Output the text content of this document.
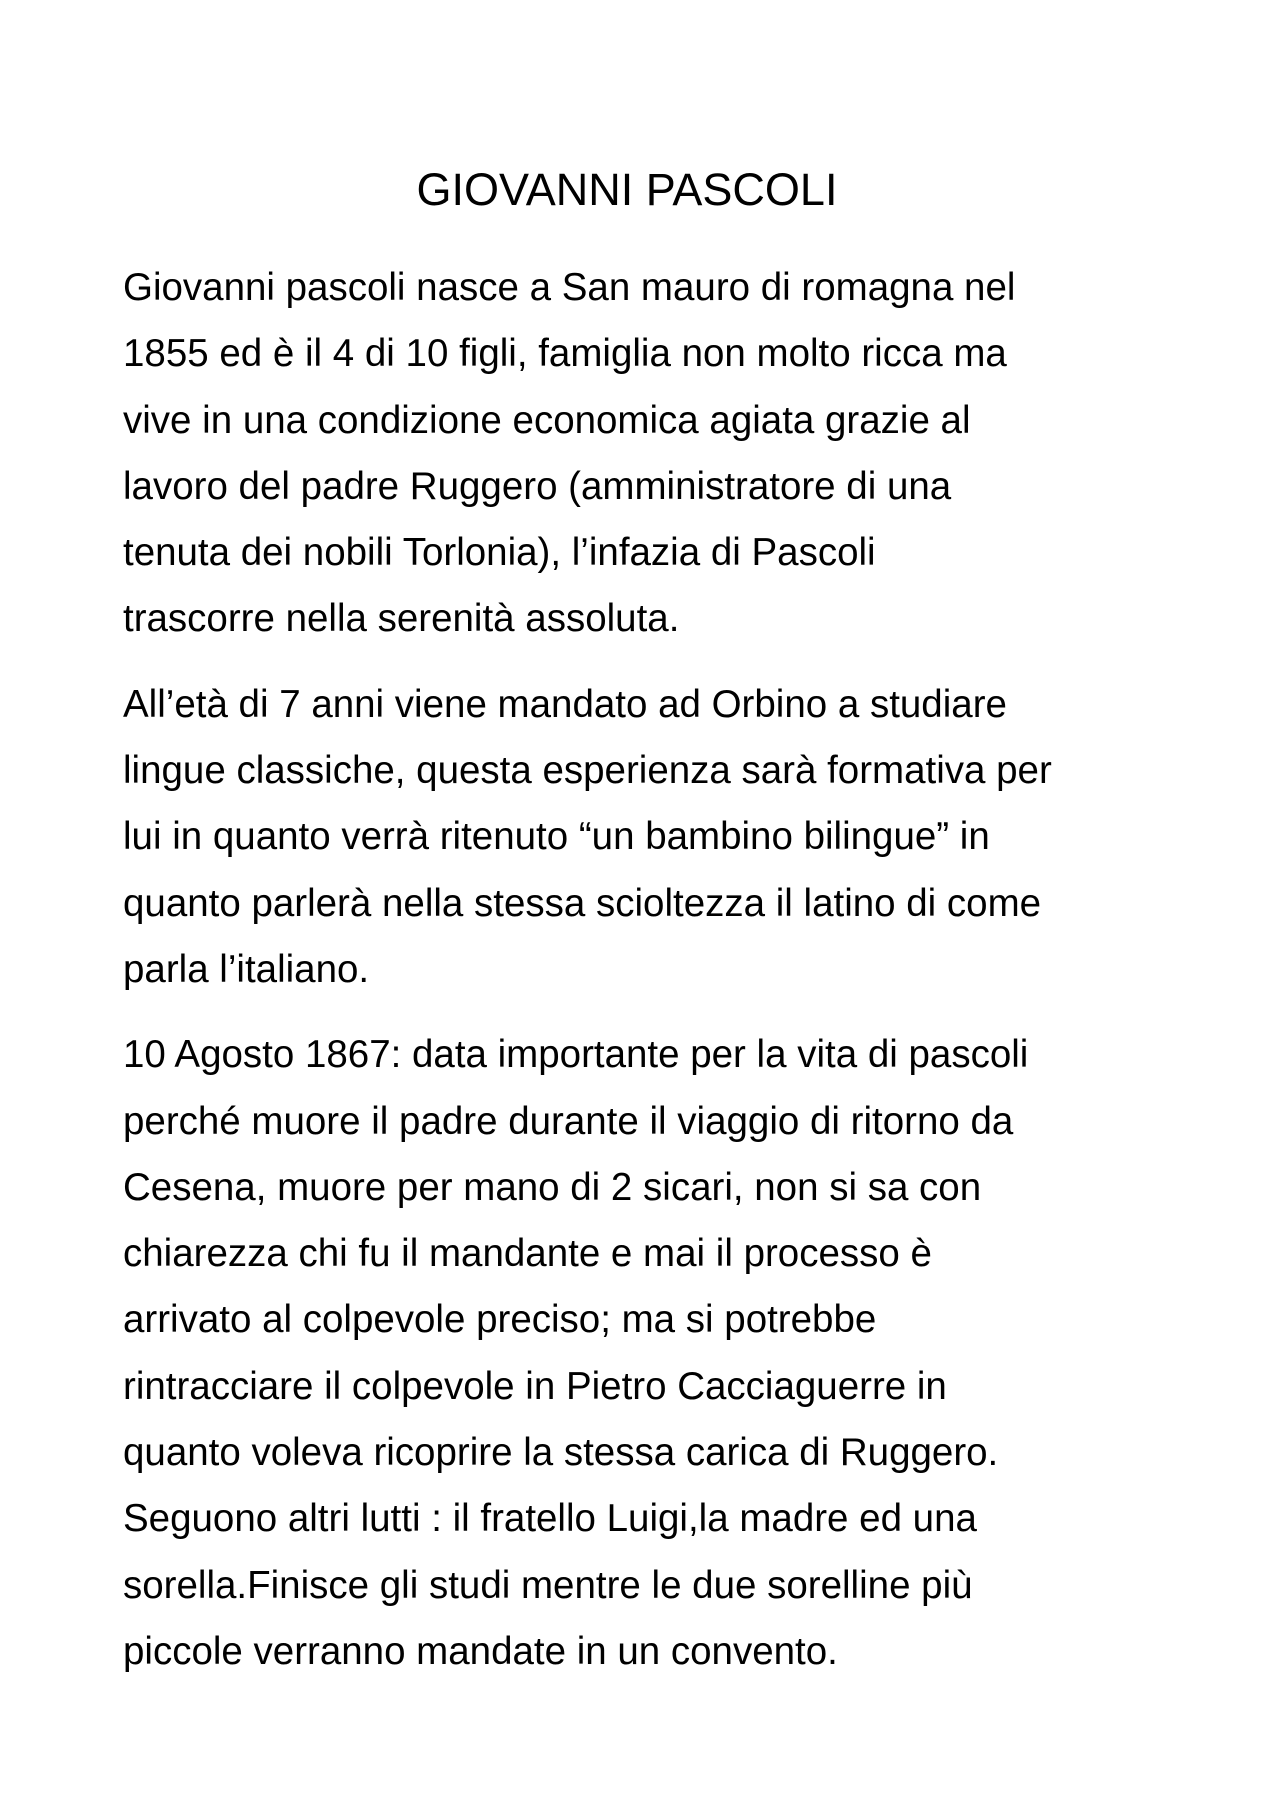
GIOVANNI PASCOLI

Giovanni pascoli nasce a San mauro di romagna nel
1855 ed è il 4 di 10 figli, famiglia non molto ricca ma
vive in una condizione economica agiata grazie al
lavoro del padre Ruggero (amministratore di una
tenuta dei nobili Torlonia), l’infazia di Pascoli
trascorre nella serenità assoluta.

All’età di 7 anni viene mandato ad Orbino a studiare
lingue classiche, questa esperienza sarà formativa per
lui in quanto verrà ritenuto “un bambino bilingue” in
quanto parlerà nella stessa scioltezza il latino di come
parla l’italiano.

10 Agosto 1867: data importante per la vita di pascoli
perché muore il padre durante il viaggio di ritorno da
Cesena, muore per mano di 2 sicari, non si sa con
chiarezza chi fu il mandante e mai il processo è
arrivato al colpevole preciso; ma si potrebbe
rintracciare il colpevole in Pietro Cacciaguerre in
quanto voleva ricoprire la stessa carica di Ruggero.
Seguono altri lutti : il fratello Luigi,la madre ed una
sorella.Finisce gli studi mentre le due sorelline più
piccole verranno mandate in un convento.
